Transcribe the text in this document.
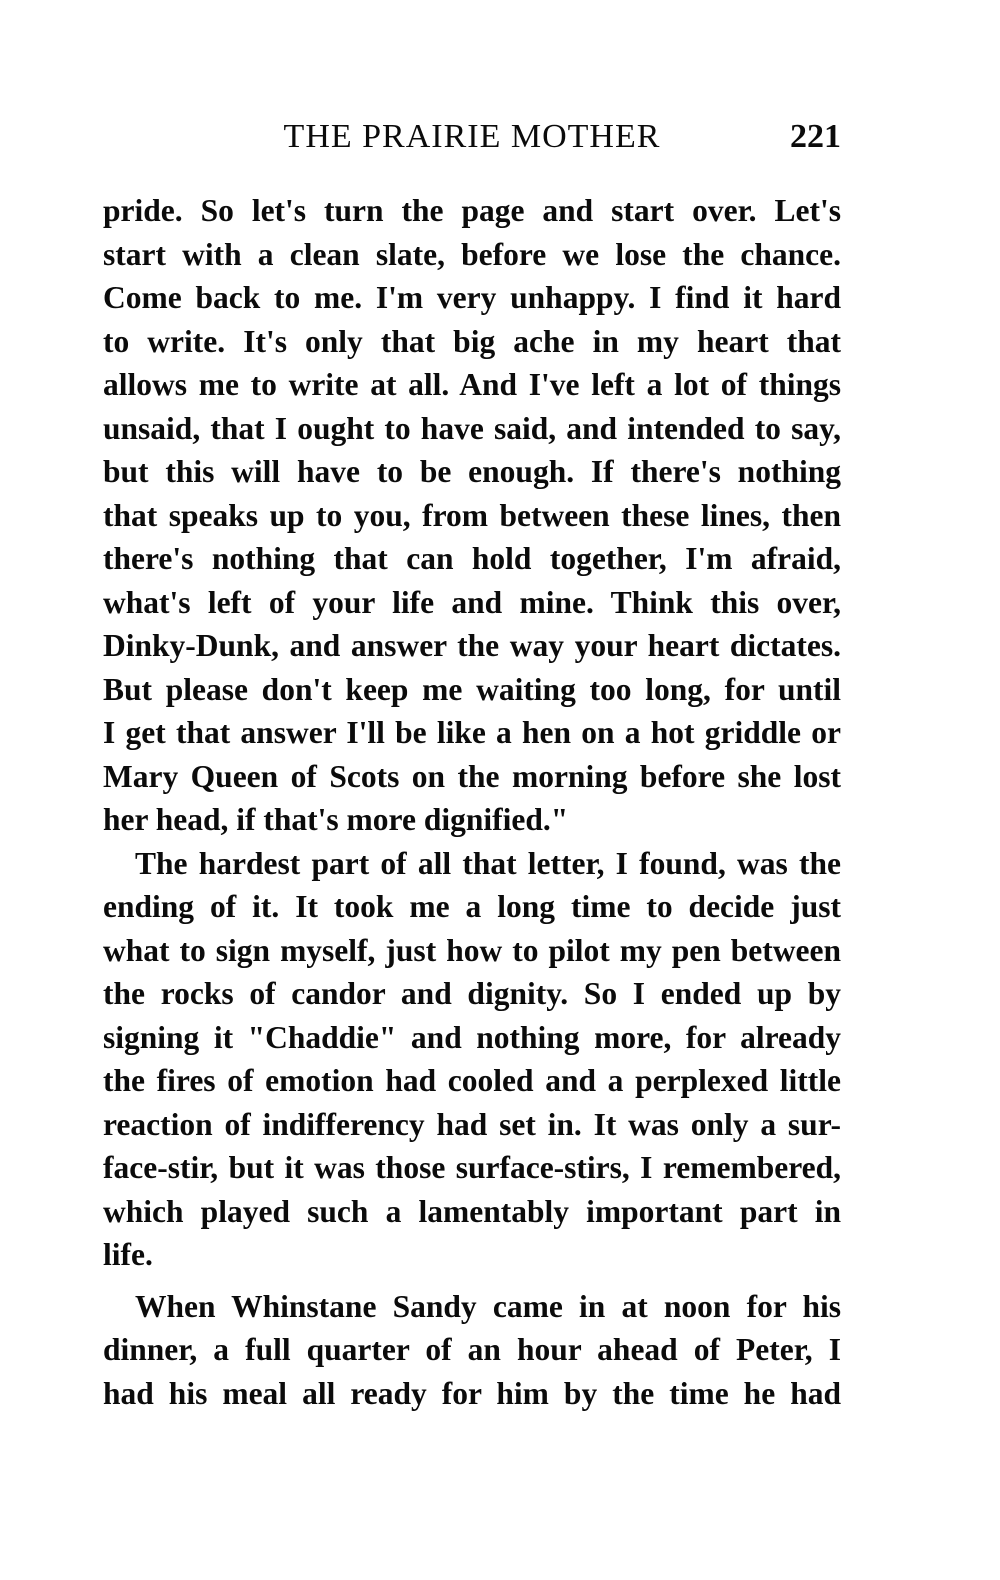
THE PRAIRIE MOTHER	221
pride. So let's turn the page and start over. Let's
start with a clean slate, before we lose the chance.
Come back to me. I'm very unhappy. I find it hard
to write. It's only that big ache in my heart that
allows me to write at all. And I've left a lot of things
unsaid, that I ought to have said, and intended to say,
but this will have to be enough. If there's nothing
that speaks up to you, from between these lines, then
there's nothing that can hold together, I'm afraid,
what's left of your life and mine. Think this over,
Dinky-Dunk, and answer the way your heart dictates.
But please don't keep me waiting too long, for until
I get that answer I'll be like a hen on a hot griddle or
Mary Queen of Scots on the morning before she lost
her head, if that's more dignified."
The hardest part of all that letter, I found, was the
ending of it. It took me a long time to decide just
what to sign myself, just how to pilot my pen between
the rocks of candor and dignity. So I ended up by
signing it "Chaddie" and nothing more, for already
the fires of emotion had cooled and a perplexed little
reaction of indifferency had set in. It was only a sur-
face-stir, but it was those surface-stirs, I remembered,
which played such a lamentably important part in
life.
When Whinstane Sandy came in at noon for his
dinner, a full quarter of an hour ahead of Peter, I
had his meal all ready for him by the time he had
